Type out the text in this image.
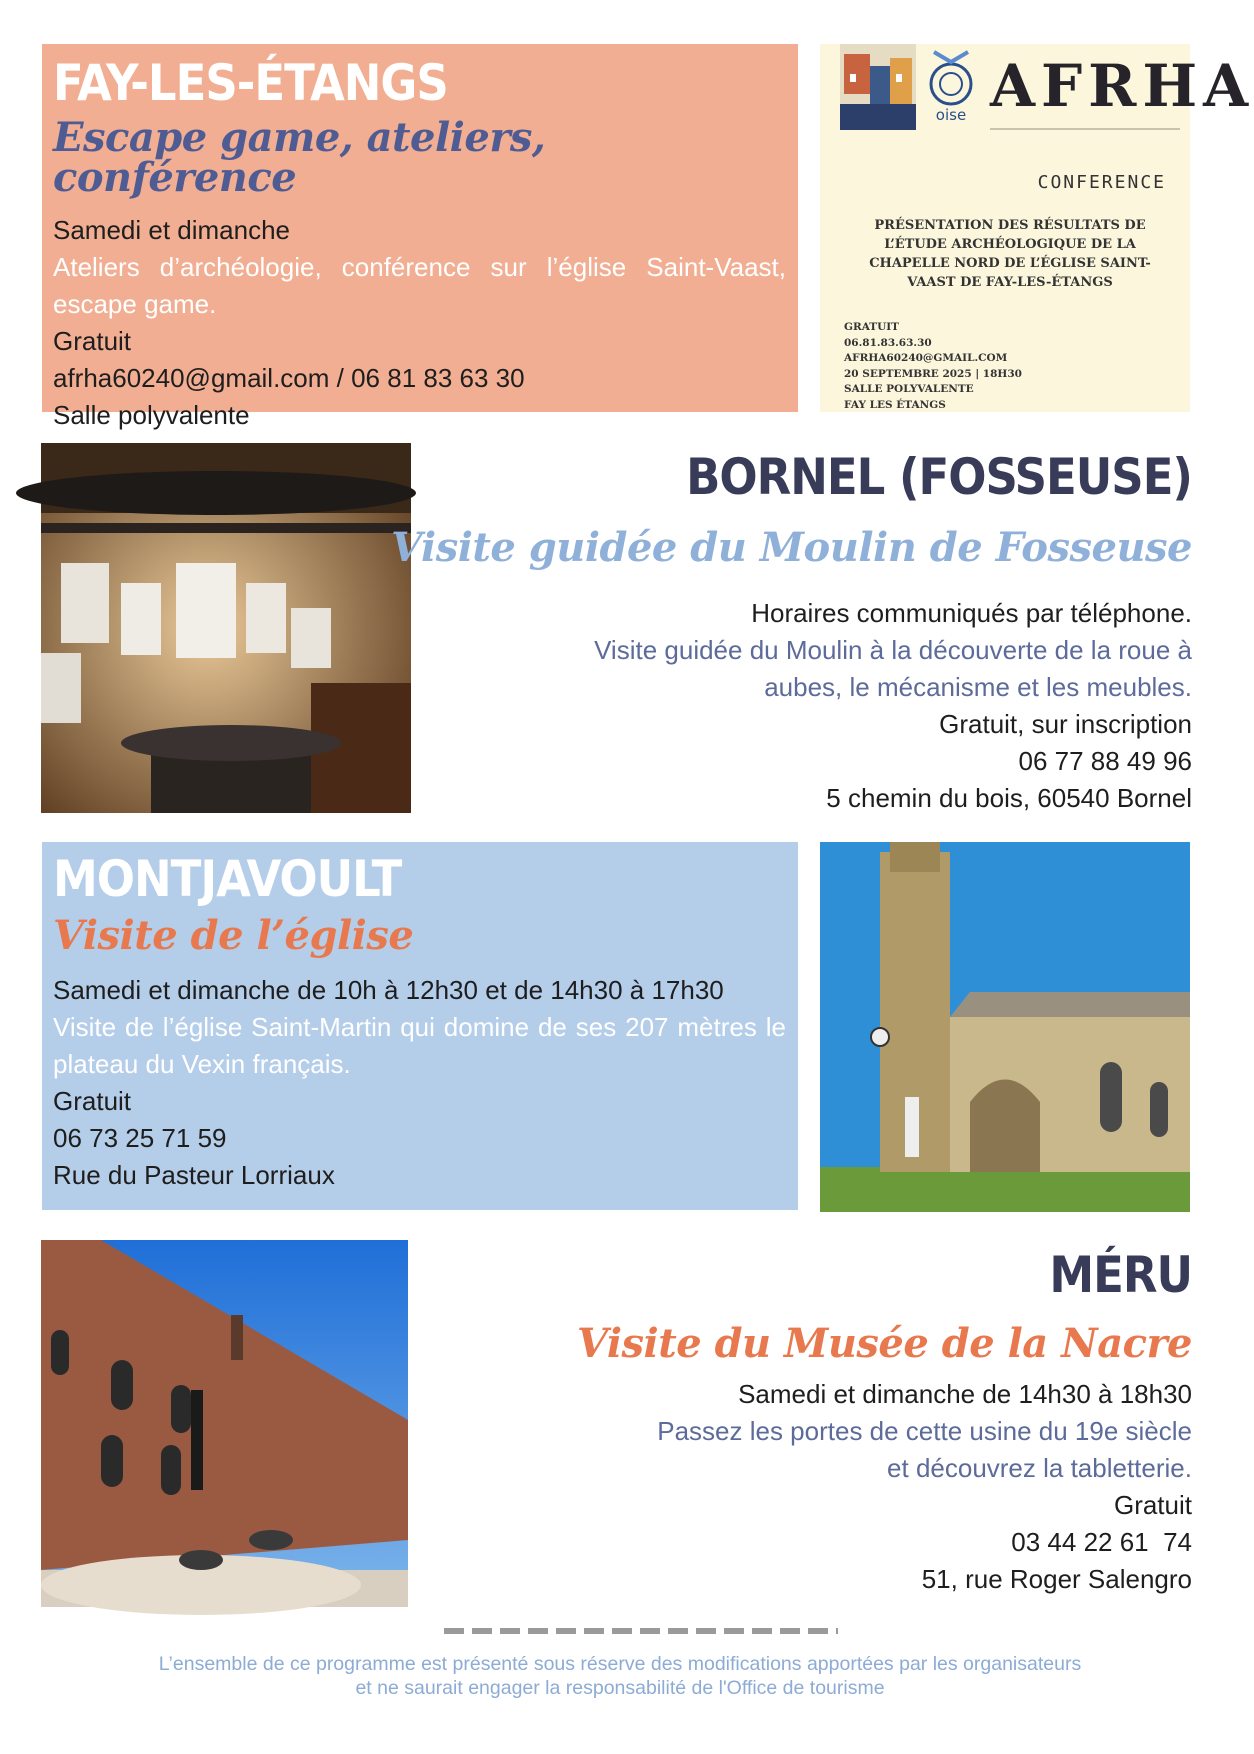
FAY-LES-ÉTANGS
Escape game, ateliers, conférence
Samedi et dimanche
Ateliers d’archéologie, conférence sur l’église Saint-Vaast, escape game.
Gratuit
afrha60240@gmail.com / 06 81 83 63 30
Salle polyvalente
oise AFRHA
CONFERENCE
PRÉSENTATION DES RÉSULTATS DE L’ÉTUDE ARCHÉOLOGIQUE DE LA CHAPELLE NORD DE L’ÉGLISE SAINT-VAAST DE FAY-LES-ÉTANGS
GRATUIT
06.81.83.63.30
AFRHA60240@GMAIL.COM
20 SEPTEMBRE 2025 | 18H30
SALLE POLYVALENTE
FAY LES ÉTANGS
BORNEL (FOSSEUSE)
Visite guidée du Moulin de Fosseuse
Horaires communiqués par téléphone.
Visite guidée du Moulin à la découverte de la roue à
aubes, le mécanisme et les meubles.
Gratuit, sur inscription
06 77 88 49 96
5 chemin du bois, 60540 Bornel
MONTJAVOULT
Visite de l’église
Samedi et dimanche de 10h à 12h30 et de 14h30 à 17h30
Visite de l’église Saint-Martin qui domine de ses 207 mètres le plateau du Vexin français.
Gratuit
06 73 25 71 59
Rue du Pasteur Lorriaux
MÉRU
Visite du Musée de la Nacre
Samedi et dimanche de 14h30 à 18h30
Passez les portes de cette usine du 19e siècle
et découvrez la tabletterie.
Gratuit
03 44 22 61  74
51, rue Roger Salengro
L’ensemble de ce programme est présenté sous réserve des modifications apportées par les organisateurs
et ne saurait engager la responsabilité de l'Office de tourisme
